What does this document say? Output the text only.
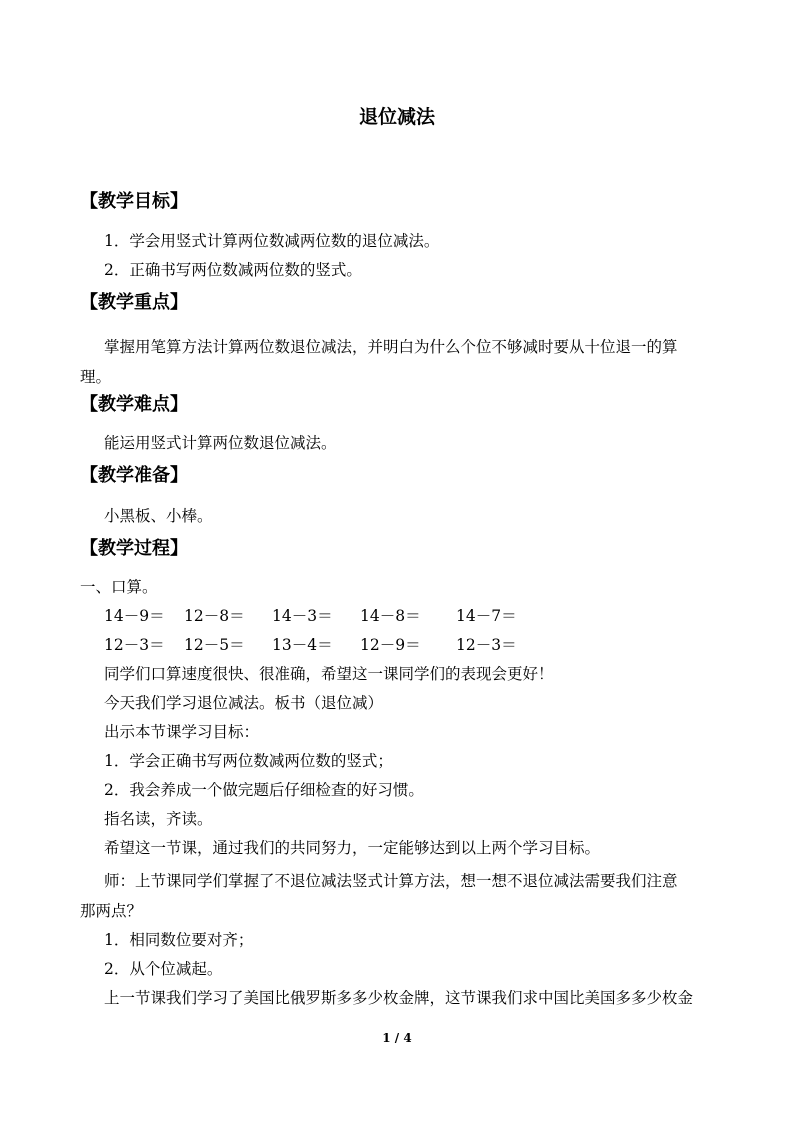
退位减法
【教学目标】
1．学会用竖式计算两位数减两位数的退位减法。
2．正确书写两位数减两位数的竖式。
【教学重点】
掌握用笔算方法计算两位数退位减法，并明白为什么个位不够减时要从十位退一的算理。
【教学难点】
能运用竖式计算两位数退位减法。
【教学准备】
小黑板、小棒。
【教学过程】
一、口算。
14－9＝ 12－8＝ 14－3＝ 14－8＝ 14－7＝
12－3＝ 12－5＝ 13－4＝ 12－9＝ 12－3＝
同学们口算速度很快、很准确，希望这一课同学们的表现会更好！
今天我们学习退位减法。板书（退位减）
出示本节课学习目标：
1．学会正确书写两位数减两位数的竖式；
2．我会养成一个做完题后仔细检查的好习惯。
指名读，齐读。
希望这一节课，通过我们的共同努力，一定能够达到以上两个学习目标。
师：上节课同学们掌握了不退位减法竖式计算方法，想一想不退位减法需要我们注意那两点？
1．相同数位要对齐；
2．从个位减起。
上一节课我们学习了美国比俄罗斯多多少枚金牌，这节课我们求中国比美国多多少枚金
1 / 4
